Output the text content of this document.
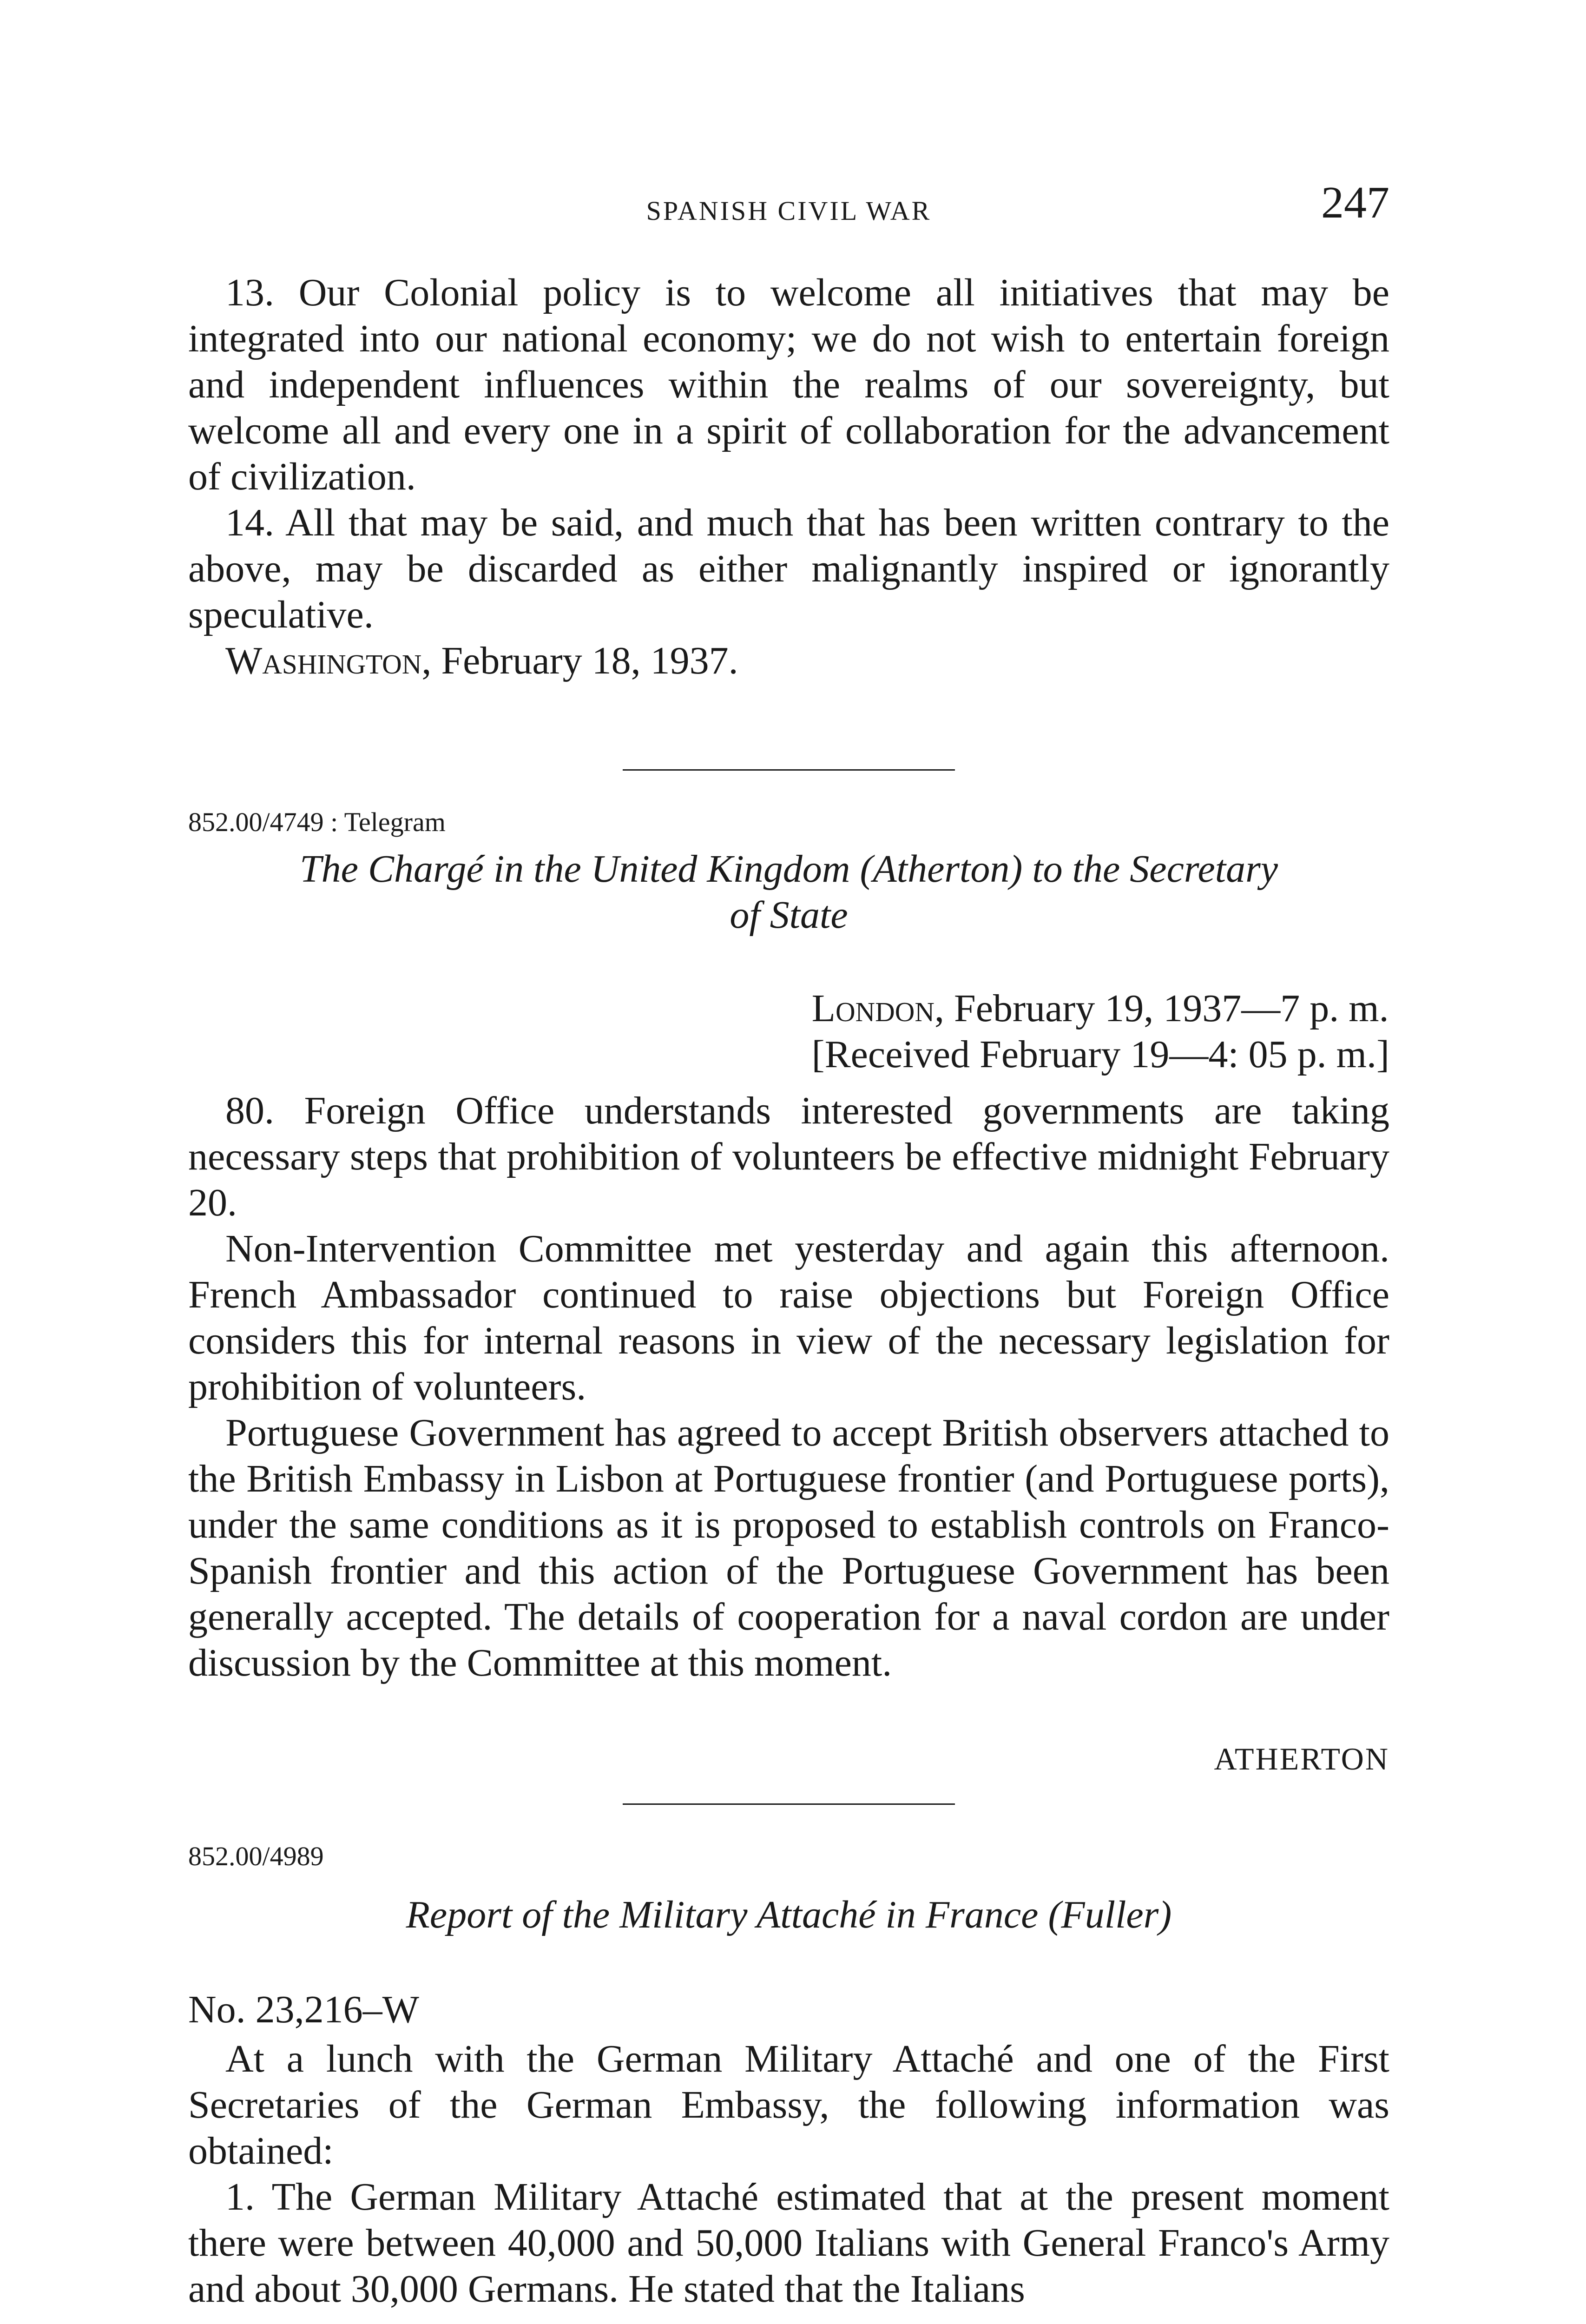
SPANISH CIVIL WAR	247

13. Our Colonial policy is to welcome all initiatives that may be integrated into our national economy; we do not wish to entertain foreign and independent influences within the realms of our sovereignty, but welcome all and every one in a spirit of collaboration for the advancement of civilization.

14. All that may be said, and much that has been written contrary to the above, may be discarded as either malignantly inspired or ignorantly speculative.

Washington, February 18, 1937.

852.00/4749 : Telegram
The Chargé in the United Kingdom (Atherton) to the Secretary
of State
London, February 19, 1937—7 p. m.
[Received February 19—4: 05 p. m.]

80. Foreign Office understands interested governments are taking necessary steps that prohibition of volunteers be effective midnight February 20.

Non-Intervention Committee met yesterday and again this afternoon. French Ambassador continued to raise objections but Foreign Office considers this for internal reasons in view of the necessary legislation for prohibition of volunteers.

Portuguese Government has agreed to accept British observers attached to the British Embassy in Lisbon at Portuguese frontier (and Portuguese ports), under the same conditions as it is proposed to establish controls on Franco-Spanish frontier and this action of the Portuguese Government has been generally accepted. The details of cooperation for a naval cordon are under discussion by the Committee at this moment.

ATHERTON
852.00/4989
Report of the Military Attaché in France (Fuller)
No. 23,216–W

At a lunch with the German Military Attaché and one of the First Secretaries of the German Embassy, the following information was obtained:

1. The German Military Attaché estimated that at the present moment there were between 40,000 and 50,000 Italians with General Franco's Army and about 30,000 Germans. He stated that the Italians
